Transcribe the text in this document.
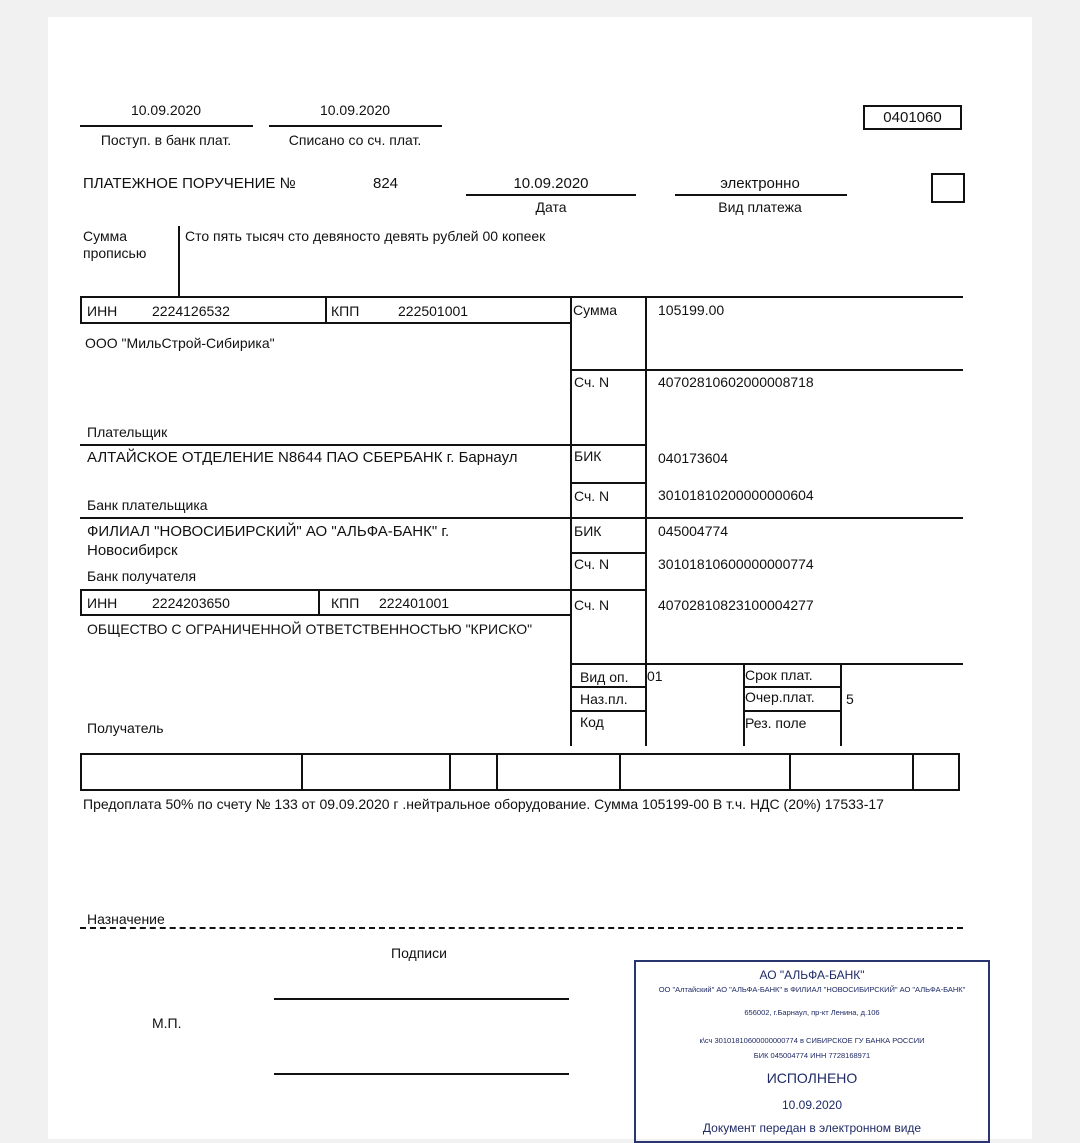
10.09.2020
Поступ. в банк плат.
10.09.2020
Списано со сч. плат.
0401060
ПЛАТЕЖНОЕ ПОРУЧЕНИЕ №	824	10.09.2020
Дата
электронно
Вид платежа
Сумма
прописью
Сто пять тысяч сто девяносто девять рублей 00 копеек
ИНН 2224126532	КПП	222501001	Сумма	105199.00
ООО "МильСтрой-Сибирика"
Сч. N	40702810602000008718
Плательщик
АЛТАЙСКОЕ ОТДЕЛЕНИЕ N8644 ПАО СБЕРБАНК г. Барнаул	БИК	040173604
Сч. N	30101810200000000604
Банк плательщика
ФИЛИАЛ "НОВОСИБИРСКИЙ" АО "АЛЬФА-БАНК" г.
Новосибирск
БИК	045004774
Сч. N	30101810600000000774
Банк получателя
ИНН 2224203650	КПП 222401001	Сч. N	40702810823100004277
ОБЩЕСТВО С ОГРАНИЧЕННОЙ ОТВЕТСТВЕННОСТЬЮ "КРИСКО"
Получатель
Вид оп. 01
Наз.пл.
Код
Срок плат.
Очер.плат. 5
Рез. поле
Предоплата 50% по счету № 133 от 09.09.2020 г .нейтральное оборудование. Сумма 105199-00 В т.ч. НДС (20%) 17533-17
Назначение
Подписи
М.П.
АО "АЛЬФА-БАНК"
ОО "Алтайский" АО "АЛЬФА-БАНК" в ФИЛИАЛ "НОВОСИБИРСКИЙ" АО "АЛЬФА-БАНК"
656002, г.Барнаул, пр-кт Ленина, д.106
к\сч 30101810600000000774 в СИБИРСКОЕ ГУ БАНКА РОССИИ
БИК 045004774 ИНН 7728168971
ИСПОЛНЕНО
10.09.2020
Документ передан в электронном виде
